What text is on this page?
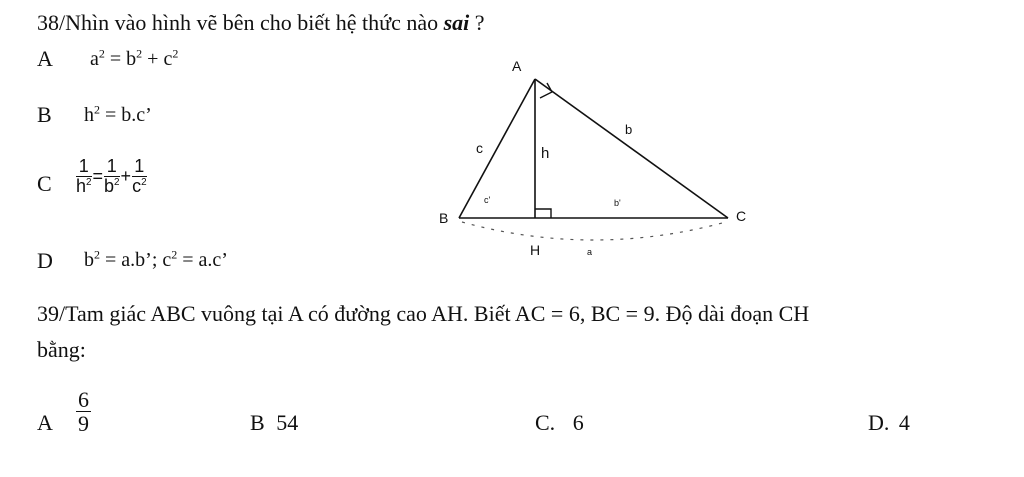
38/Nhìn vào hình vẽ bên cho biết hệ thức nào sai ?
A $a^2 = b^2 + c^2$
B $h^2 = b.c$’
C $\frac{1}{h^2} = \frac{1}{b^2} + \frac{1}{c^2}$
D $b^2 = a.b$’; $c^2 = a.c$’
A
B	C
H
c
b
h
c'	b'
a
39/Tam giác ABC vuông tại A có đường cao AH. Biết AC = 6, BC = 9. Độ dài đoạn CH
bằng:
A $\frac{6}{9}$	B 54	C. 6	D. 4
